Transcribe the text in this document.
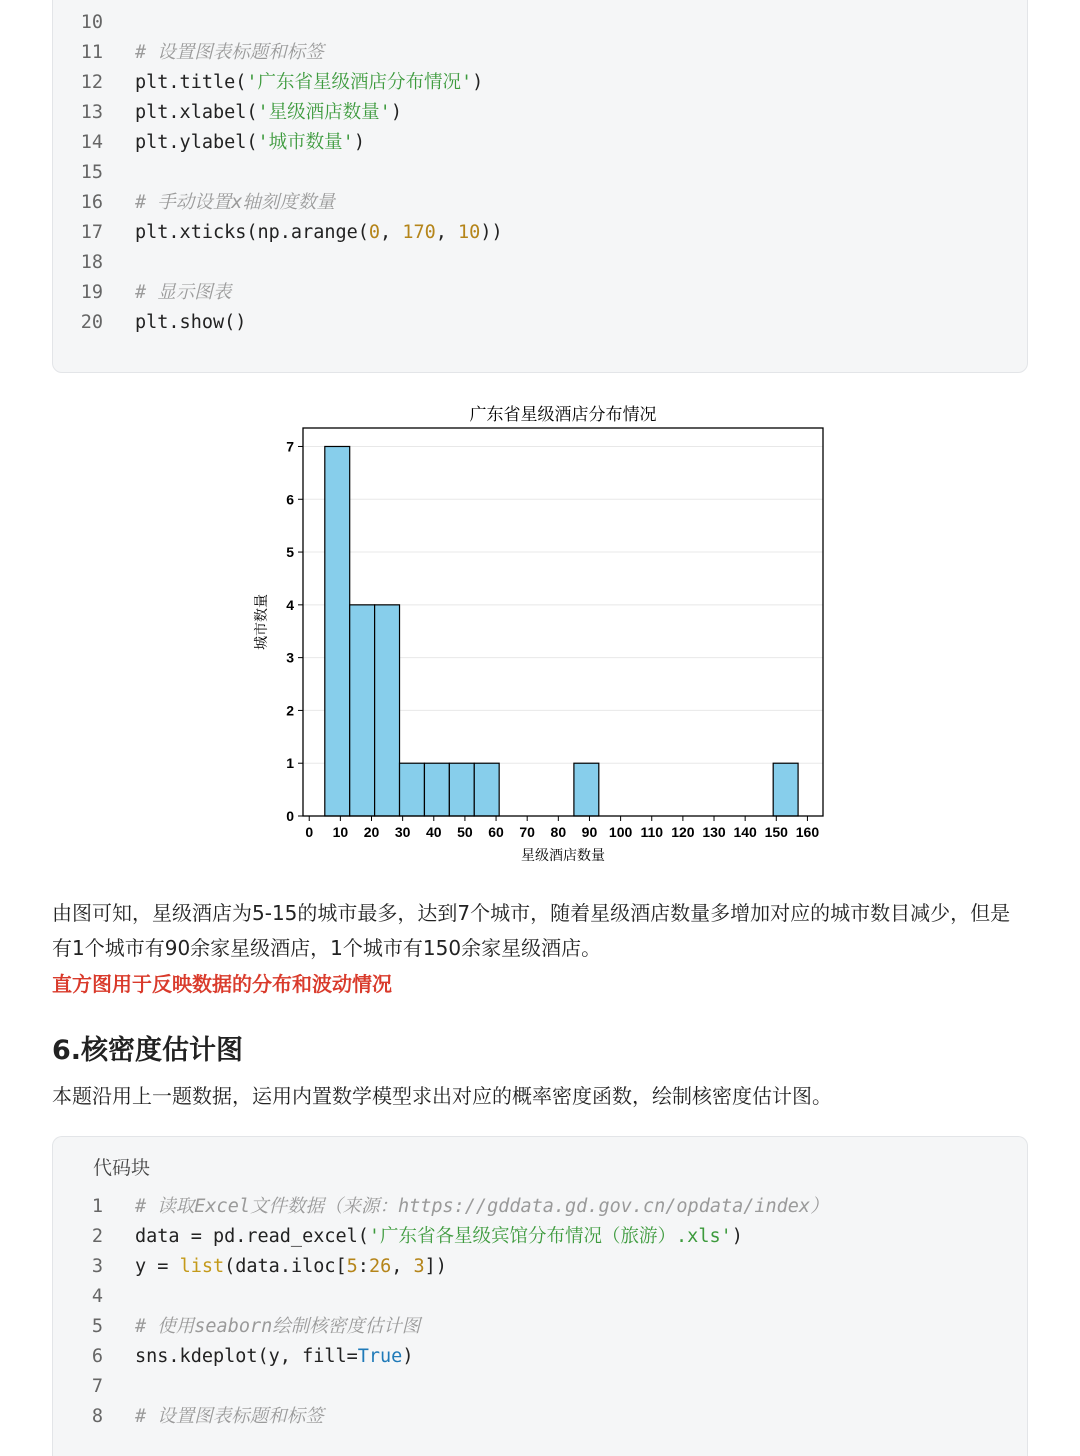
10
11 # 设置图表标题和标签
12 plt.title('广东省星级酒店分布情况')
13 plt.xlabel('星级酒店数量')
14 plt.ylabel('城市数量')
15
16 # 手动设置x轴刻度数量
17 plt.xticks(np.arange(0, 170, 10))
18
19 # 显示图表
20 plt.show()
0 10 20 30 40 50 60 70 80 90 100 110 120 130 140 150 160
0
1
2
3
4
5
6
7
广东省星级酒店分布情况
星级酒店数量
城市数量
由图可知，星级酒店为5-15的城市最多，达到7个城市，随着星级酒店数量多增加对应的城市数目减少，但是有1个城市有90余家星级酒店，1个城市有150余家星级酒店。
直方图用于反映数据的分布和波动情况
6.核密度估计图
本题沿用上一题数据，运用内置数学模型求出对应的概率密度函数，绘制核密度估计图。
代码块
1 # 读取Excel文件数据（来源：https://gddata.gd.gov.cn/opdata/index）
2 data = pd.read_excel('广东省各星级宾馆分布情况（旅游）.xls')
3 y = list(data.iloc[5:26, 3])
4
5 # 使用seaborn绘制核密度估计图
6 sns.kdeplot(y, fill=True)
7
8 # 设置图表标题和标签
